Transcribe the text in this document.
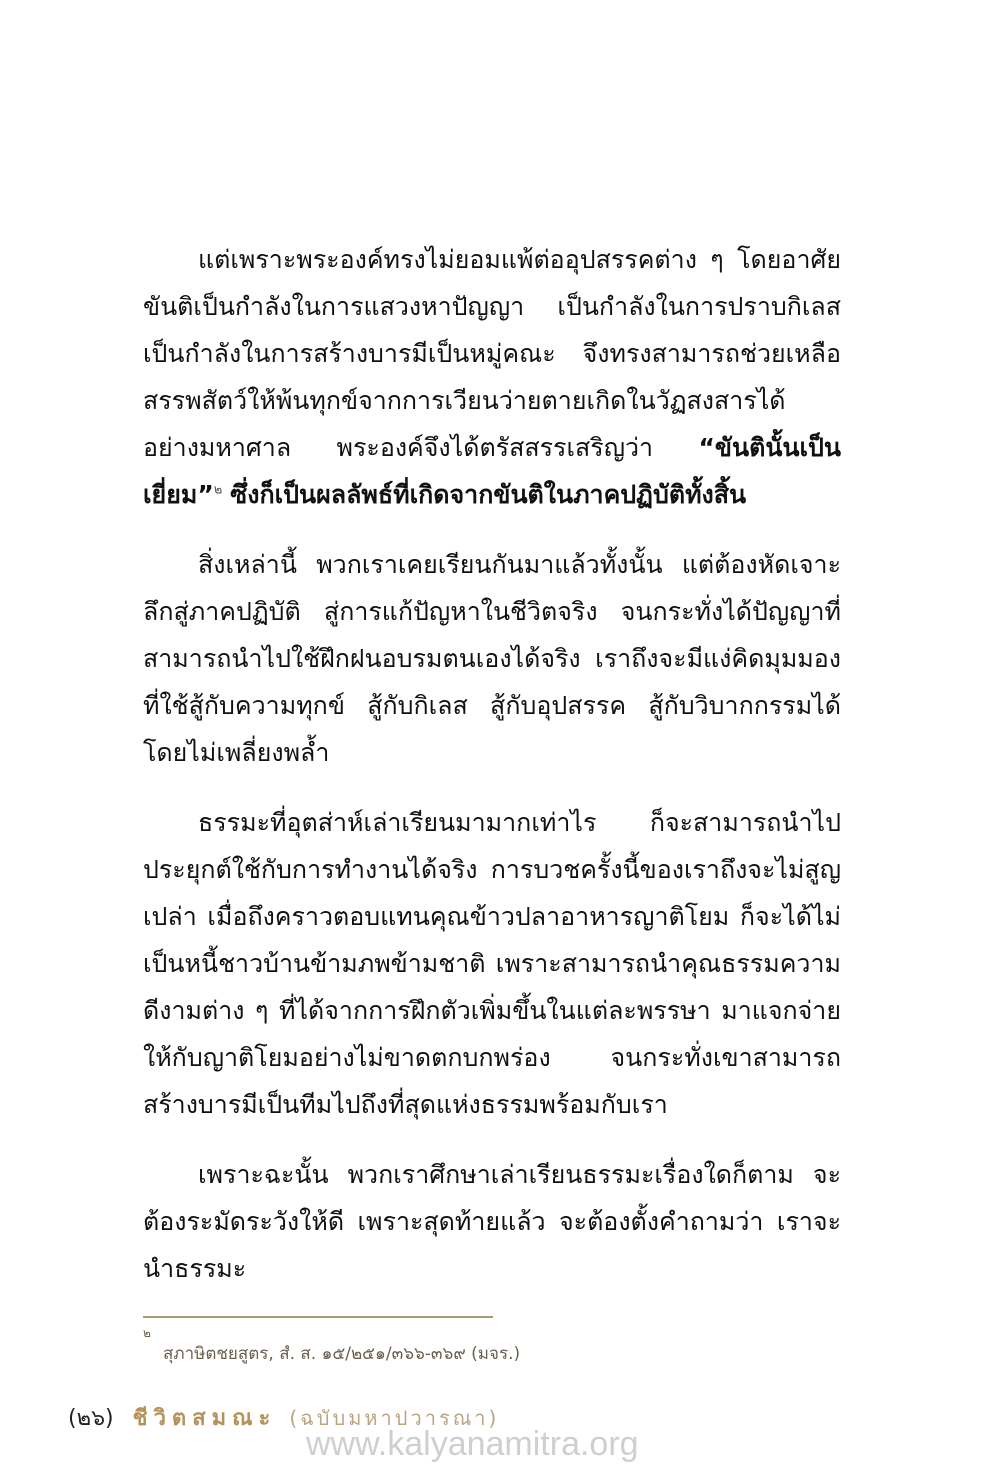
แต่เพราะพระองค์ทรงไม่ยอมแพ้ต่ออุปสรรคต่าง ๆ โดยอาศัยขันติเป็นกำลังในการแสวงหาปัญญา เป็นกำลังในการปราบกิเลส เป็นกำลังในการสร้างบารมีเป็นหมู่คณะ จึงทรงสามารถช่วยเหลือสรรพสัตว์ให้พ้นทุกข์จากการเวียนว่ายตายเกิดในวัฏสงสารได้อย่างมหาศาล พระองค์จึงได้ตรัสสรรเสริญว่า “ขันตินั้นเป็นเยี่ยม”$^๒$ ซึ่งก็เป็นผลลัพธ์ที่เกิดจากขันติในภาคปฏิบัติทั้งสิ้น

สิ่งเหล่านี้ พวกเราเคยเรียนกันมาแล้วทั้งนั้น แต่ต้องหัดเจาะลึกสู่ภาคปฏิบัติ สู่การแก้ปัญหาในชีวิตจริง จนกระทั่งได้ปัญญาที่สามารถนำไปใช้ฝึกฝนอบรมตนเองได้จริง เราถึงจะมีแง่คิดมุมมองที่ใช้สู้กับความทุกข์ สู้กับกิเลส สู้กับอุปสรรค สู้กับวิบากกรรมได้โดยไม่เพลี่ยงพล้ำ

ธรรมะที่อุตส่าห์เล่าเรียนมามากเท่าไร ก็จะสามารถนำไปประยุกต์ใช้กับการทำงานได้จริง การบวชครั้งนี้ของเราถึงจะไม่สูญเปล่า เมื่อถึงคราวตอบแทนคุณข้าวปลาอาหารญาติโยม ก็จะได้ไม่เป็นหนี้ชาวบ้านข้ามภพข้ามชาติ เพราะสามารถนำคุณธรรมความดีงามต่าง ๆ ที่ได้จากการฝึกตัวเพิ่มขึ้นในแต่ละพรรษา มาแจกจ่ายให้กับญาติโยมอย่างไม่ขาดตกบกพร่อง จนกระทั่งเขาสามารถสร้างบารมีเป็นทีมไปถึงที่สุดแห่งธรรมพร้อมกับเรา

เพราะฉะนั้น พวกเราศึกษาเล่าเรียนธรรมะเรื่องใดก็ตาม จะต้องระมัดระวังให้ดี เพราะสุดท้ายแล้ว จะต้องตั้งคำถามว่า เราจะนำธรรมะ

๒
สุภาษิตชยสูตร, สํ. ส. ๑๕/๒๕๑/๓๖๖-๓๖๙ (มจร.)
(๒๖) ชีวิตสมณะ (ฉบับมหาปวารณา)
www.kalyanamitra.org
